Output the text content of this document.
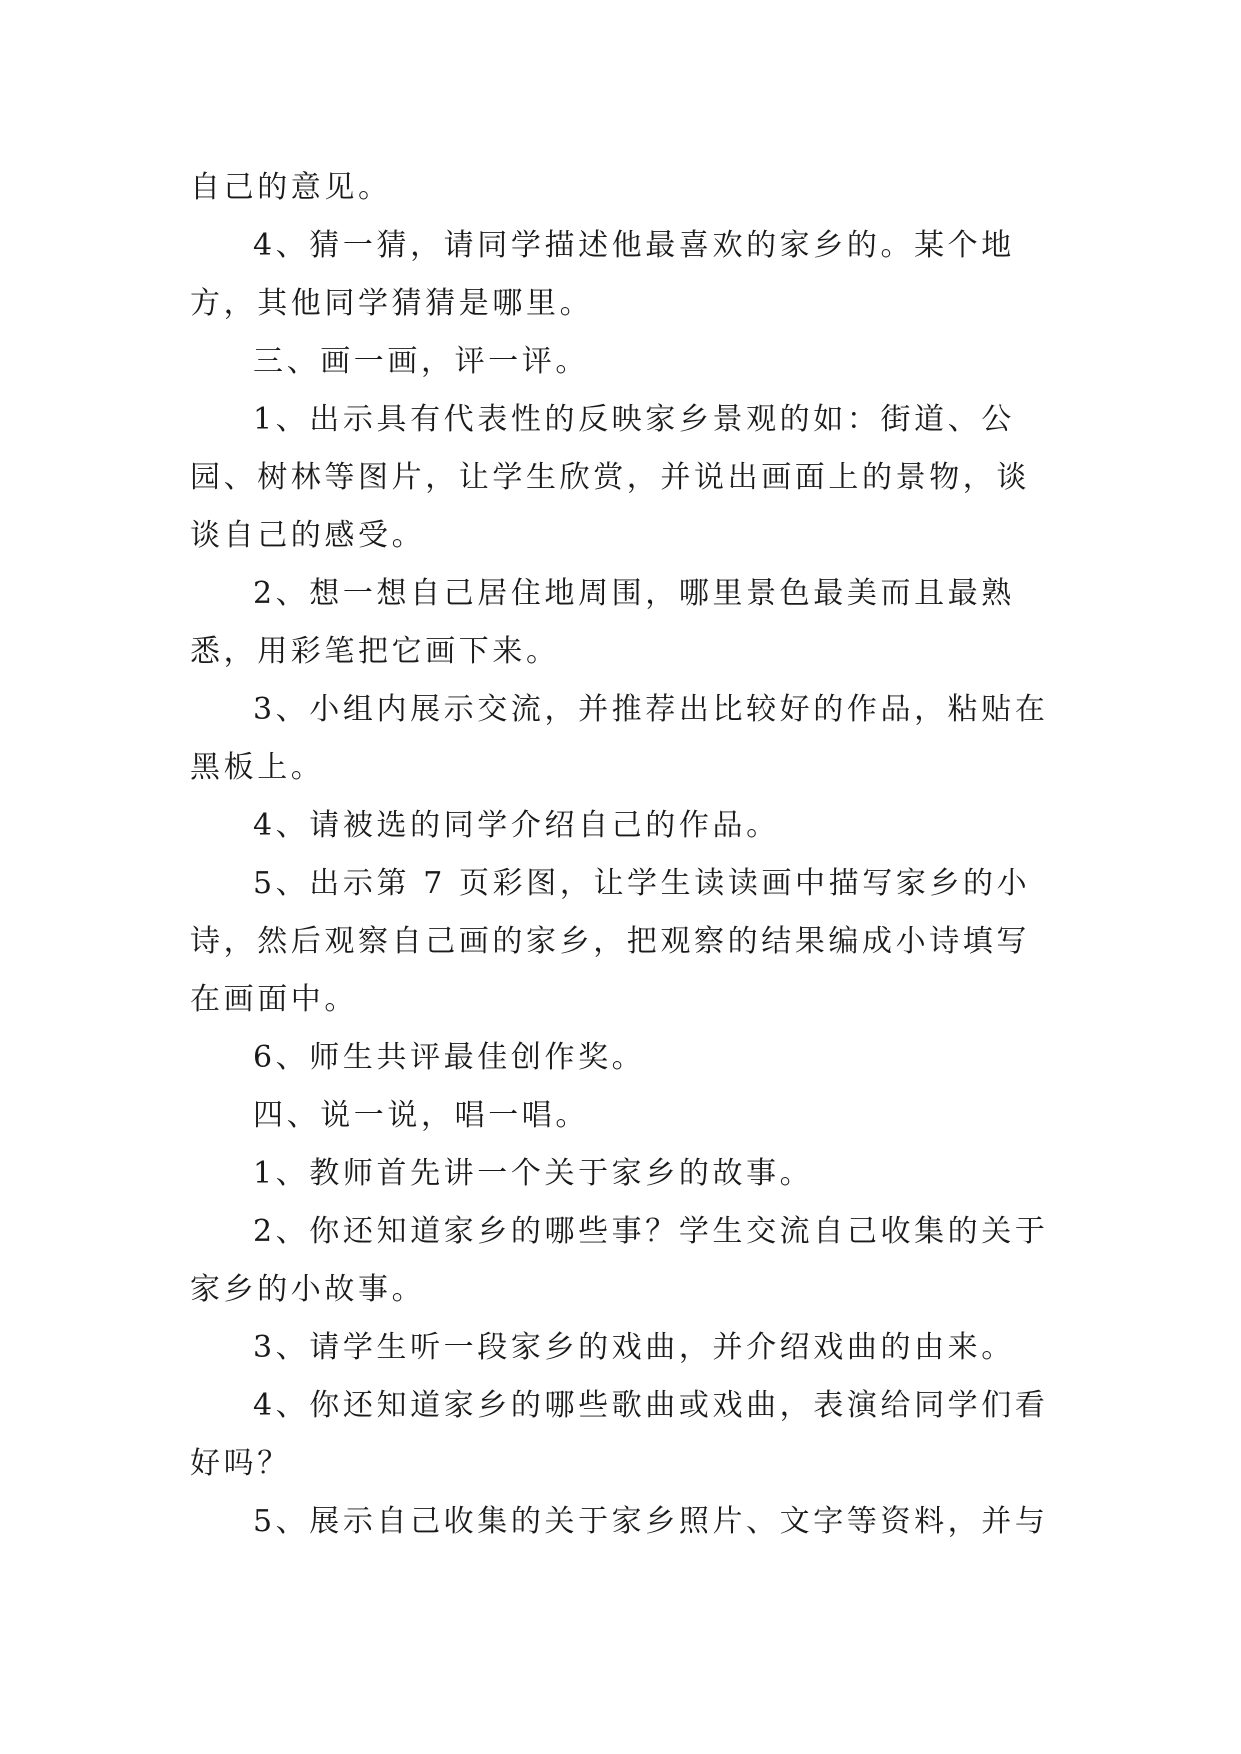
自己的意见。

4、猜一猜，请同学描述他最喜欢的家乡的。某个地方，其他同学猜猜是哪里。

三、画一画，评一评。

1、出示具有代表性的反映家乡景观的如：街道、公园、树林等图片，让学生欣赏，并说出画面上的景物，谈谈自己的感受。

2、想一想自己居住地周围，哪里景色最美而且最熟悉，用彩笔把它画下来。

3、小组内展示交流，并推荐出比较好的作品，粘贴在黑板上。

4、请被选的同学介绍自己的作品。

5、出示第 7 页彩图，让学生读读画中描写家乡的小诗，然后观察自己画的家乡，把观察的结果编成小诗填写在画面中。

6、师生共评最佳创作奖。

四、说一说，唱一唱。

1、教师首先讲一个关于家乡的故事。

2、你还知道家乡的哪些事？学生交流自己收集的关于家乡的小故事。

3、请学生听一段家乡的戏曲，并介绍戏曲的由来。

4、你还知道家乡的哪些歌曲或戏曲，表演给同学们看好吗？

5、展示自己收集的关于家乡照片、文字等资料，并与
